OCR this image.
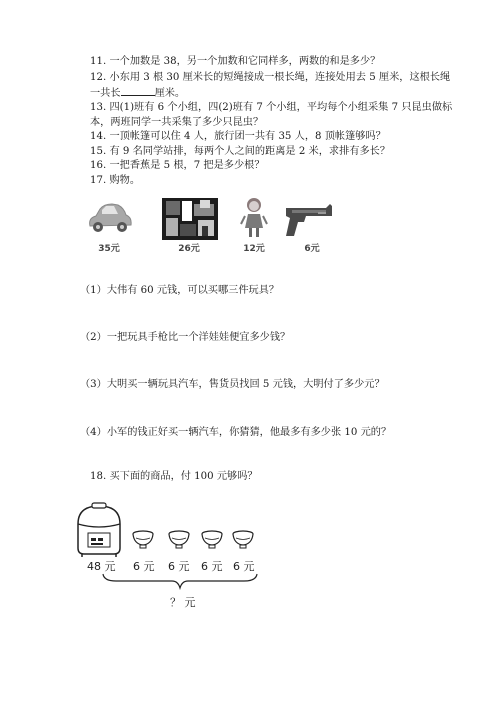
11. 一个加数是 38，另一个加数和它同样多，两数的和是多少？
12. 小东用 3 根 30 厘米长的短绳接成一根长绳，连接处用去 5 厘米，这根长绳
一共长	厘米。
13. 四(1)班有 6 个小组，四(2)班有 7 个小组，平均每个小组采集 7 只昆虫做标
本，两班同学一共采集了多少只昆虫？
14. 一顶帐篷可以住 4 人，旅行团一共有 35 人，8 顶帐篷够吗？
15. 有 9 名同学站排，每两个人之间的距离是 2 米，求排有多长？
16. 一把香蕉是 5 根，7 把是多少根？
17. 购物。
35元	26元	12元	6元
（1）大伟有 60 元钱，可以买哪三件玩具？
（2）一把玩具手枪比一个洋娃娃便宜多少钱？
（3）大明买一辆玩具汽车，售货员找回 5 元钱，大明付了多少元？
（4）小军的钱正好买一辆汽车，你猜猜，他最多有多少张 10 元的？
18. 买下面的商品，付 100 元够吗？
48 元 6 元 6 元 6 元 6 元
？ 元
